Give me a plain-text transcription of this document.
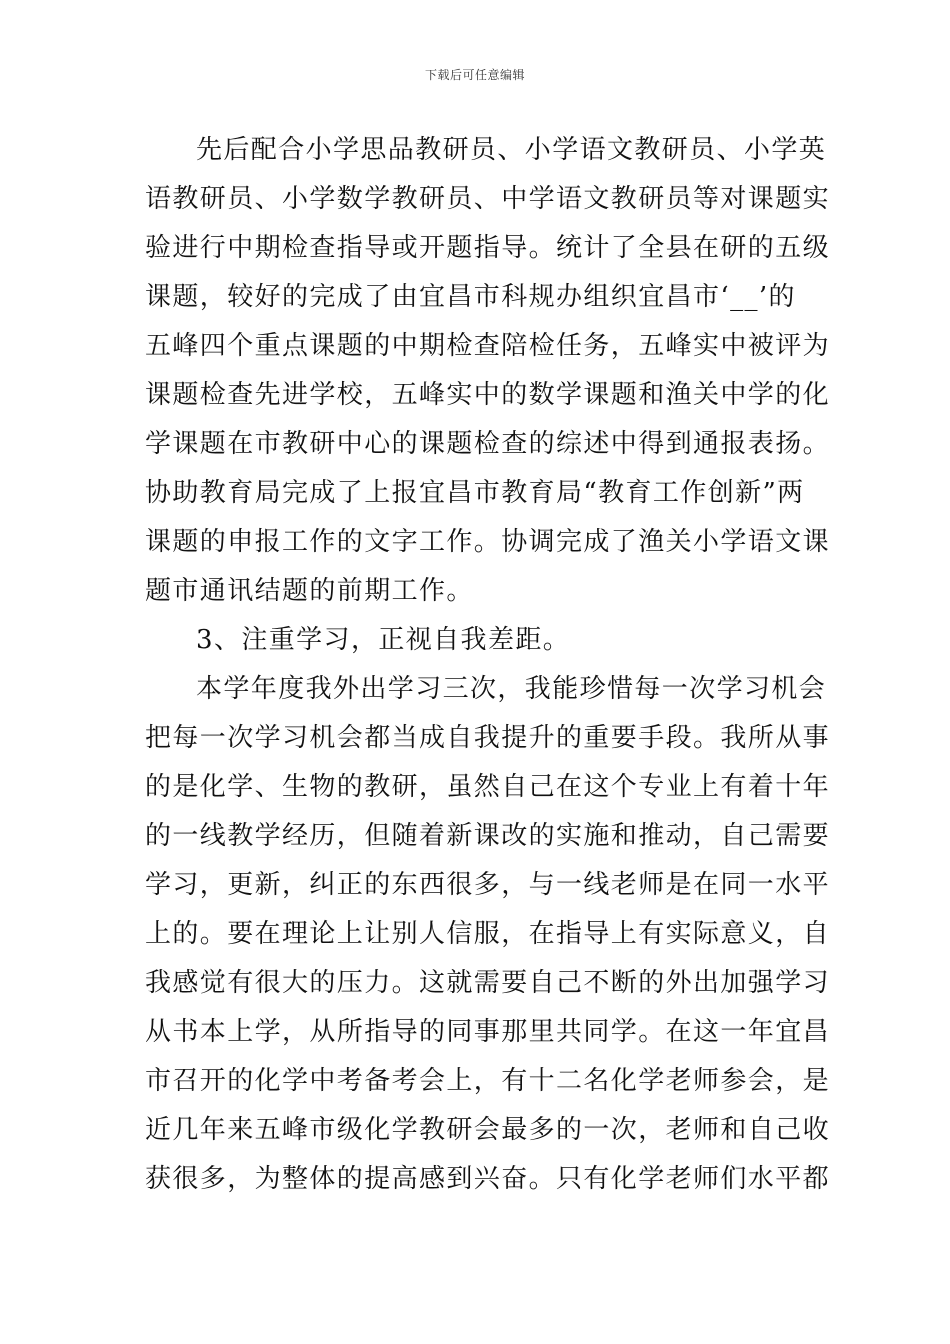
下载后可任意编辑
先后配合小学思品教研员、小学语文教研员、小学英
语教研员、小学数学教研员、中学语文教研员等对课题实
验进行中期检查指导或开题指导。统计了全县在研的五级
课题，较好的完成了由宜昌市科规办组织宜昌市‘__’的
五峰四个重点课题的中期检查陪检任务，五峰实中被评为
课题检查先进学校，五峰实中的数学课题和渔关中学的化
学课题在市教研中心的课题检查的综述中得到通报表扬。
协助教育局完成了上报宜昌市教育局“教育工作创新”两
课题的申报工作的文字工作。协调完成了渔关小学语文课
题市通讯结题的前期工作。
3、注重学习，正视自我差距。
本学年度我外出学习三次，我能珍惜每一次学习机会
把每一次学习机会都当成自我提升的重要手段。我所从事
的是化学、生物的教研，虽然自己在这个专业上有着十年
的一线教学经历，但随着新课改的实施和推动，自己需要
学习，更新，纠正的东西很多，与一线老师是在同一水平
上的。要在理论上让别人信服，在指导上有实际意义，自
我感觉有很大的压力。这就需要自己不断的外出加强学习
从书本上学，从所指导的同事那里共同学。在这一年宜昌
市召开的化学中考备考会上，有十二名化学老师参会，是
近几年来五峰市级化学教研会最多的一次，老师和自己收
获很多，为整体的提高感到兴奋。只有化学老师们水平都
